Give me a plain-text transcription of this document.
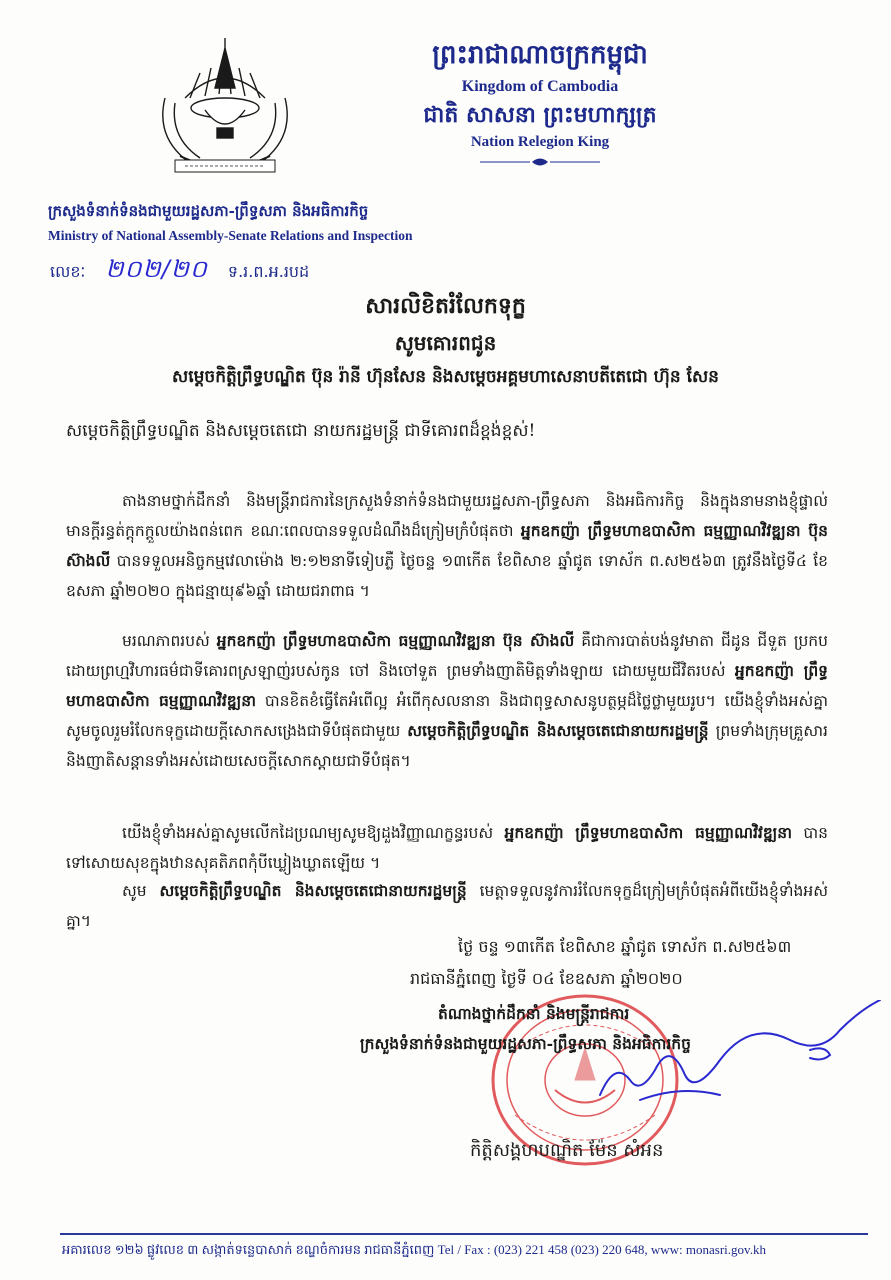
ព្រះរាជាណាចក្រកម្ពុជា
Kingdom of Cambodia
ជាតិ សាសនា ព្រះមហាក្សត្រ
Nation Relegion King
ក្រសួងទំនាក់ទំនងជាមួយរដ្ឋសភា-ព្រឹទ្ធសភា និងអធិការកិច្ច
Ministry of National Assembly-Senate Relations and Inspection
លេខៈ ២០២/២០ ទ.រ.ព.អ.របដ
សារលិខិតរំលែកទុក្ខ
សូមគោរពជូន
សម្តេចកិត្តិព្រឹទ្ធបណ្ឌិត ប៊ុន រ៉ានី ហ៊ុនសែន និងសម្តេចអគ្គមហាសេនាបតីតេជោ ហ៊ុន សែន
សម្តេចកិត្តិព្រឹទ្ធបណ្ឌិត និងសម្តេចតេជោ នាយករដ្ឋមន្ត្រី ជាទីគោរពដ៏ខ្ពង់ខ្ពស់!
តាងនាមថ្នាក់ដឹកនាំ និងមន្ត្រីរាជការនៃក្រសួងទំនាក់ទំនងជាមួយរដ្ឋសភា-ព្រឹទ្ធសភា និងអធិការកិច្ច និងក្នុងនាមនាងខ្ញុំផ្ទាល់ មានក្តីរន្ធត់ក្តុកក្តួលយ៉ាងពន់ពេក ខណៈពេលបានទទួលដំណឹងដ៏ក្រៀមក្រំបំផុតថា អ្នកឧកញ៉ា ព្រឹទ្ធមហាឧបាសិកា ធម្មញ្ញាណវិវឌ្ឍនា ប៊ុន ស៊ាងលី បានទទួលអនិច្ចកម្មវេលាម៉ោង ២:១២នាទីទៀបភ្លឺ ថ្ងៃចន្ទ ១៣កើត ខែពិសាខ ឆ្នាំជូត ទោស័ក ព.ស២៥៦៣ ត្រូវនឹងថ្ងៃទី៤ ខែឧសភា ឆ្នាំ២០២០ ក្នុងជន្មាយុ៩៦ឆ្នាំ ដោយជរាពាធ ។
មរណភាពរបស់ អ្នកឧកញ៉ា ព្រឹទ្ធមហាឧបាសិកា ធម្មញ្ញាណវិវឌ្ឍនា ប៊ុន ស៊ាងលី គឺជាការបាត់បង់នូវមាតា ជីដូន ជីទួត ប្រកបដោយព្រហ្មវិហារធម៌ជាទីគោរពស្រឡាញ់របស់កូន ចៅ និងចៅទួត ព្រមទាំងញាតិមិត្តទាំងឡាយ ដោយមួយជីវិតរបស់ អ្នកឧកញ៉ា ព្រឹទ្ធមហាឧបាសិកា ធម្មញ្ញាណវិវឌ្ឍនា បានខិតខំធ្វើតែអំពើល្អ អំពើកុសលនានា និងជាពុទ្ធសាសនូបត្ថម្ភដ៏ថ្លៃថ្លាមួយរូប។ យើងខ្ញុំទាំងអស់គ្នាសូមចូលរួមរំលែកទុក្ខដោយក្តីសោកសង្រេងជាទីបំផុតជាមួយ សម្តេចកិត្តិព្រឹទ្ធបណ្ឌិត និងសម្តេចតេជោនាយករដ្ឋមន្ត្រី ព្រមទាំងក្រុមគ្រួសារ និងញាតិសន្តានទាំងអស់ដោយសេចក្តីសោកស្តាយជាទីបំផុត។
យើងខ្ញុំទាំងអស់គ្នាសូមលើកដៃប្រណម្យសូមឱ្យដួងវិញ្ញាណក្ខន្ធរបស់ អ្នកឧកញ៉ា ព្រឹទ្ធមហាឧបាសិកា ធម្មញ្ញាណវិវឌ្ឍនា បានទៅសោយសុខក្នុងឋានសុគតិភពកុំបីឃ្លៀងឃ្លាតឡើយ ។
សូម សម្តេចកិត្តិព្រឹទ្ធបណ្ឌិត និងសម្តេចតេជោនាយករដ្ឋមន្ត្រី មេត្តាទទួលនូវការរំលែកទុក្ខដ៏ក្រៀមក្រំបំផុតអំពីយើងខ្ញុំទាំងអស់គ្នា។
ថ្ងៃ ចន្ទ ១៣កើត ខែពិសាខ ឆ្នាំជូត ទោស័ក ព.ស២៥៦៣
រាជធានីភ្នំពេញ ថ្ងៃទី ០៤ ខែឧសភា ឆ្នាំ២០២០
តំណាងថ្នាក់ដឹកនាំ និងមន្ត្រីរាជការ
ក្រសួងទំនាក់ទំនងជាមួយរដ្ឋសភា-ព្រឹទ្ធសភា និងអធិការកិច្ច
កិត្តិសង្គហបណ្ឌិត ម៉ែន សំអន
អគារលេខ ១២៦ ផ្លូវលេខ ៣ សង្កាត់ទន្លេបាសាក់ ខណ្ឌចំការមន រាជធានីភ្នំពេញ Tel / Fax : (023) 221 458 (023) 220 648, www: monasri.gov.kh
